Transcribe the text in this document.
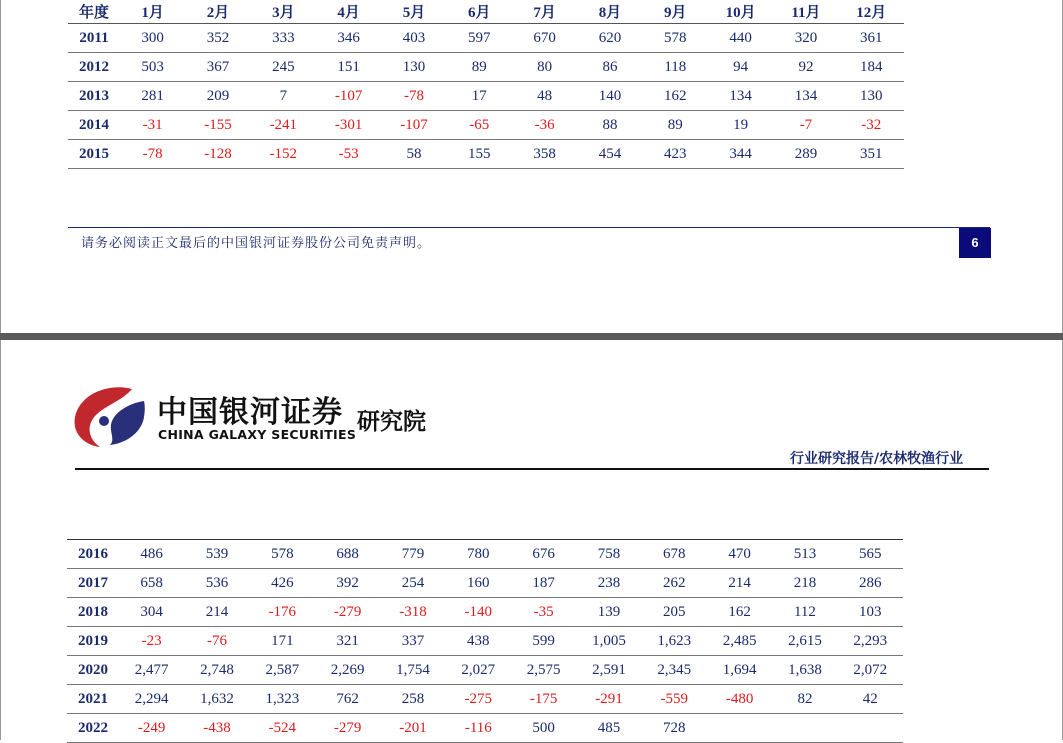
年度	1月	2月	3月	4月	5月	6月	7月	8月	9月	10月	11月	12月
2011	300	352	333	346	403	597	670	620	578	440	320	361
2012	503	367	245	151	130	89	80	86	118	94	92	184
2013	281	209	7	-107	-78	17	48	140	162	134	134	130
2014	-31	-155	-241	-301	-107	-65	-36	88	89	19	-7	-32
2015	-78	-128	-152	-53	58	155	358	454	423	344	289	351
请务必阅读正文最后的中国银河证券股份公司免责声明。	6
中国银河证券
CHINA GALAXY SECURITIES 研究院
行业研究报告/农林牧渔行业
2016	486	539	578	688	779	780	676	758	678	470	513	565
2017	658	536	426	392	254	160	187	238	262	214	218	286
2018	304	214	-176	-279	-318	-140	-35	139	205	162	112	103
2019	-23	-76	171	321	337	438	599	1,005	1,623	2,485	2,615	2,293
2020	2,477	2,748	2,587	2,269	1,754	2,027	2,575	2,591	2,345	1,694	1,638	2,072
2021	2,294	1,632	1,323	762	258	-275	-175	-291	-559	-480	82	42
2022	-249	-438	-524	-279	-201	-116	500	485	728			
